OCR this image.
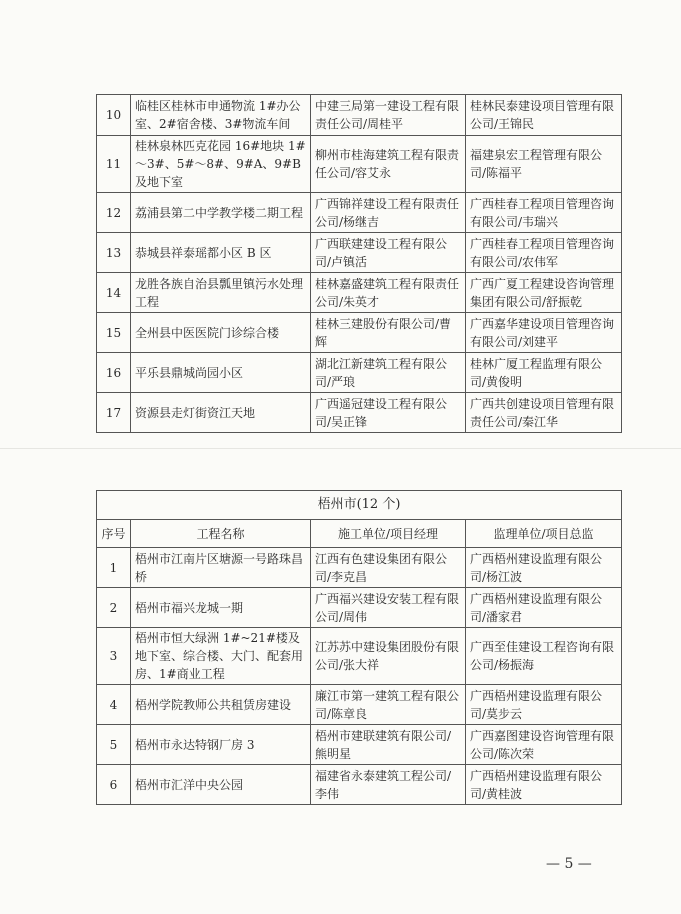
10	临桂区桂林市申通物流 1#办公室、2#宿舍楼、3#物流车间	中建三局第一建设工程有限责任公司/周桂平	桂林民泰建设项目管理有限公司/王锦民
11	桂林泉林匹克花园 16#地块 1#～3#、5#～8#、9#A、9#B 及地下室	柳州市桂海建筑工程有限责任公司/容艾永	福建泉宏工程管理有限公司/陈福平
12	荔浦县第二中学教学楼二期工程	广西锦祥建设工程有限责任公司/杨继吉	广西桂春工程项目管理咨询有限公司/韦瑞兴
13	恭城县祥泰瑶都小区 B 区	广西联建建设工程有限公司/卢镇活	广西桂春工程项目管理咨询有限公司/农伟军
14	龙胜各族自治县瓢里镇污水处理工程	桂林嘉盛建筑工程有限责任公司/朱英才	广西广夏工程建设咨询管理集团有限公司/舒振乾
15	全州县中医医院门诊综合楼	桂林三建股份有限公司/曹辉	广西嘉华建设项目管理咨询有限公司/刘建平
16	平乐县鼎城尚园小区	湖北江新建筑工程有限公司/严琅	桂林广厦工程监理有限公司/黄俊明
17	资源县走灯街资江天地	广西遥冠建设工程有限公司/吴正锋	广西共创建设项目管理有限责任公司/秦江华
梧州市(12 个)			
序号	工程名称	施工单位/项目经理	监理单位/项目总监
1	梧州市江南片区塘源一号路珠昌桥	江西有色建设集团有限公司/李克昌	广西梧州建设监理有限公司/杨江波
2	梧州市福兴龙城一期	广西福兴建设安装工程有限公司/周伟	广西梧州建设监理有限公司/潘家君
3	梧州市恒大绿洲 1#~21#楼及地下室、综合楼、大门、配套用房、1#商业工程	江苏苏中建设集团股份有限公司/张大祥	广西至佳建设工程咨询有限公司/杨振海
4	梧州学院教师公共租赁房建设	廉江市第一建筑工程有限公司/陈章良	广西梧州建设监理有限公司/莫步云
5	梧州市永达特钢厂房 3	梧州市建联建筑有限公司/熊明星	广西嘉图建设咨询管理有限公司/陈次荣
6	梧州市汇洋中央公园	福建省永泰建筑工程公司/李伟	广西梧州建设监理有限公司/黄桂波
— 5 —
